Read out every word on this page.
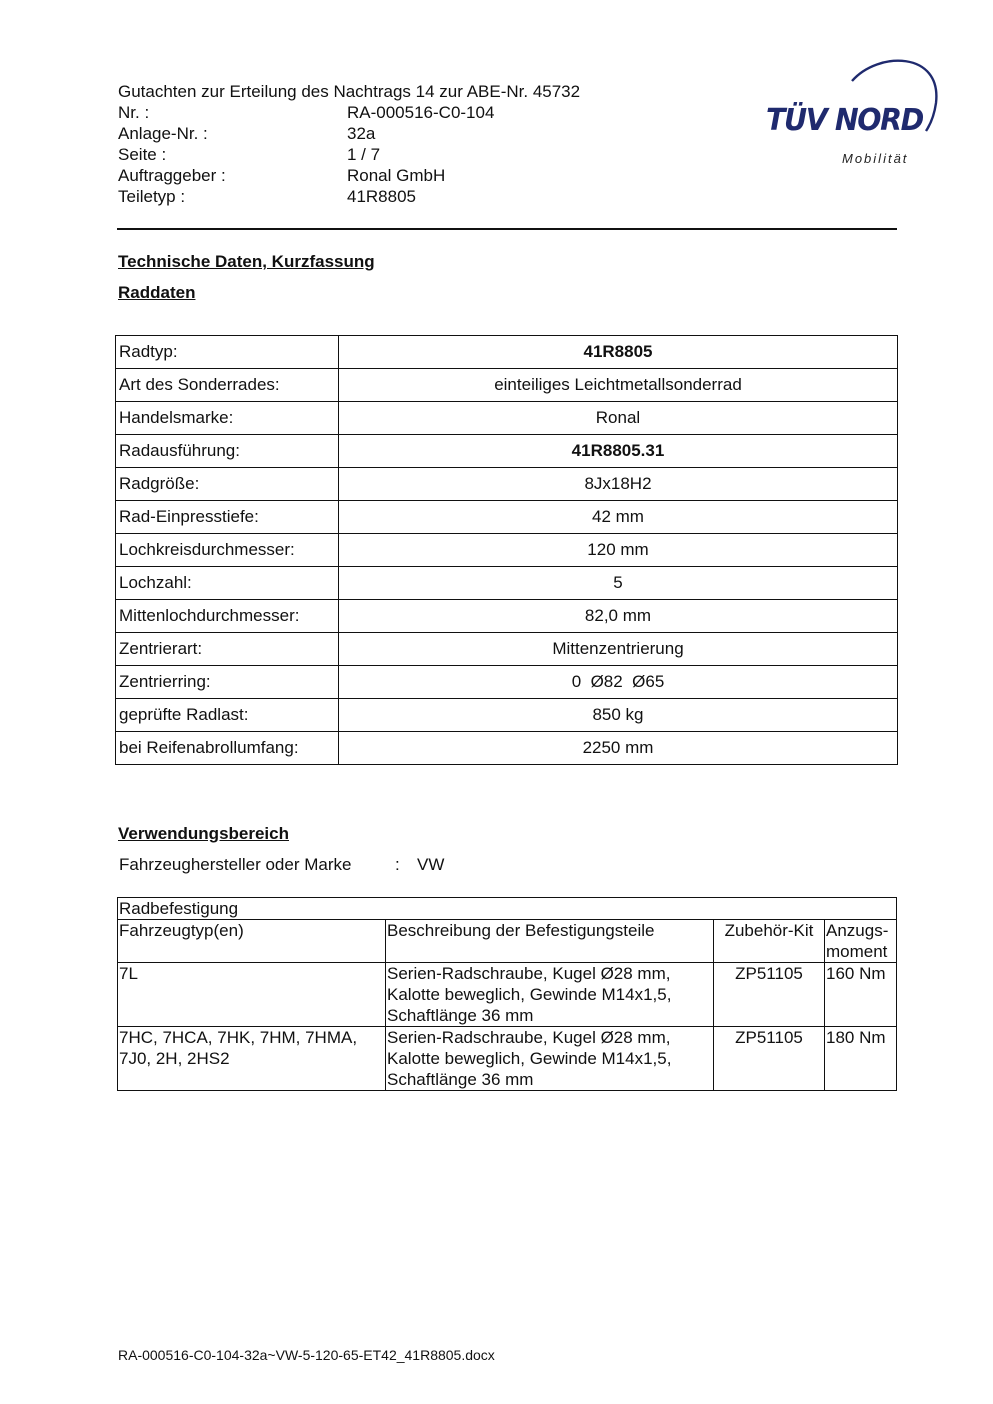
Gutachten zur Erteilung des Nachtrags 14 zur ABE-Nr. 45732
Nr. :	RA-000516-C0-104
Anlage-Nr. :	32a
Seite :	1 / 7
Auftraggeber :	Ronal GmbH
Teiletyp :	41R8805
TÜV NORD
Mobilität
Technische Daten, Kurzfassung
Raddaten
Radtyp:	41R8805
Art des Sonderrades:	einteiliges Leichtmetallsonderrad
Handelsmarke:	Ronal
Radausführung:	41R8805.31
Radgröße:	8Jx18H2
Rad-Einpresstiefe:	42 mm
Lochkreisdurchmesser:	120 mm
Lochzahl:	5
Mittenlochdurchmesser:	82,0 mm
Zentrierart:	Mittenzentrierung
Zentrierring:	0  Ø82  Ø65
geprüfte Radlast:	850 kg
bei Reifenabrollumfang:	2250 mm
Verwendungsbereich
Fahrzeughersteller oder Marke	: VW
Radbefestigung			
Fahrzeugtyp(en)	Beschreibung der Befestigungsteile	Zubehör-Kit	Anzugs-
moment
7L	Serien-Radschraube, Kugel Ø28 mm, Kalotte beweglich, Gewinde M14x1,5, Schaftlänge 36 mm	ZP51105	160 Nm
7HC, 7HCA, 7HK, 7HM, 7HMA, 7J0, 2H, 2HS2	Serien-Radschraube, Kugel Ø28 mm, Kalotte beweglich, Gewinde M14x1,5, Schaftlänge 36 mm	ZP51105	180 Nm
RA-000516-C0-104-32a~VW-5-120-65-ET42_41R8805.docx
